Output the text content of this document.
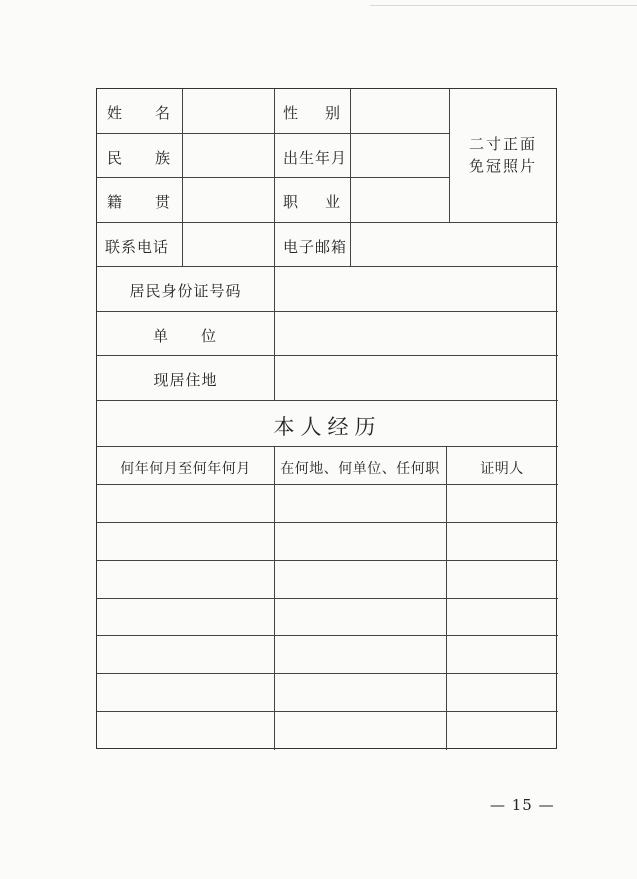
姓 名	性 别
民 族	出生年月
籍 贯	职 业
二寸正面
免冠照片
联系电话	电子邮箱
居民身份证号码
单 位
现居住地
本人经历
何年何月至何年何月	在何地、何单位、任何职	证明人
— 15 —
